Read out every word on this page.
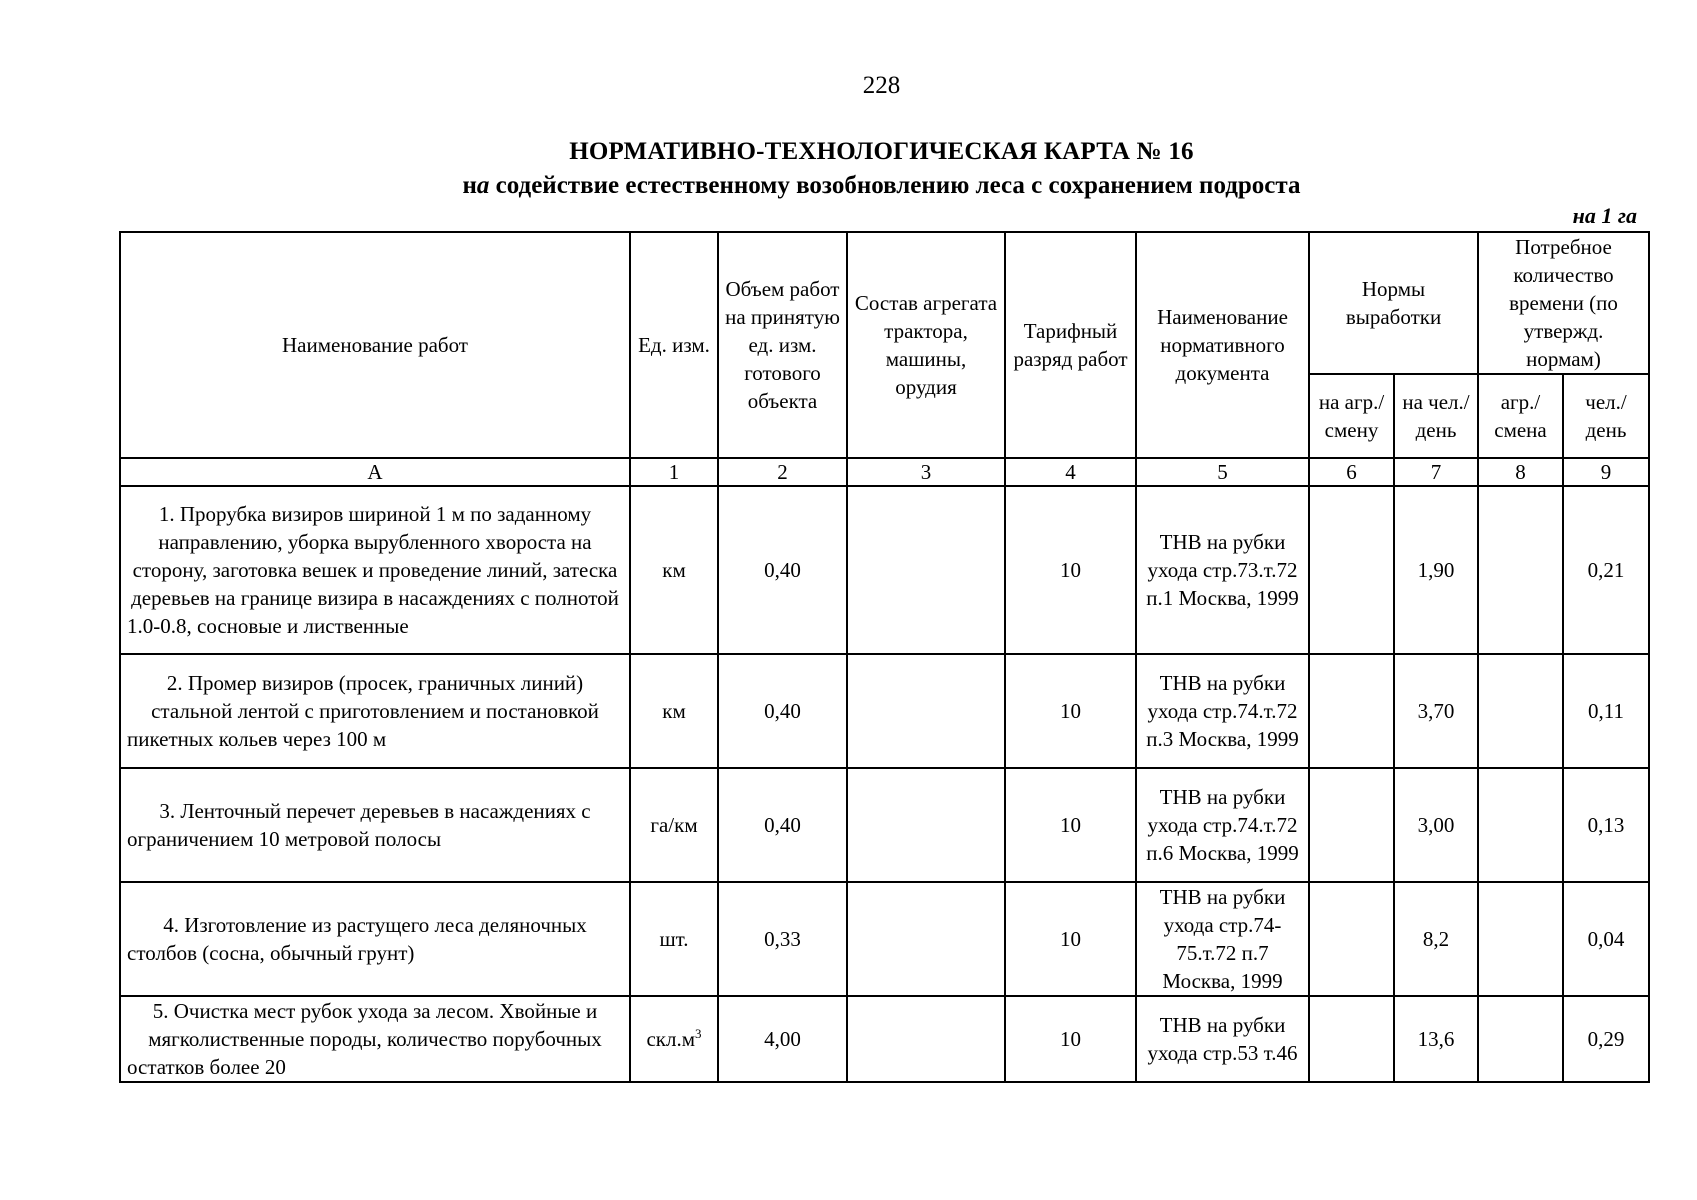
228
НОРМАТИВНО-ТЕХНОЛОГИЧЕСКАЯ КАРТА № 16
на содействие естественному возобновлению леса с сохранением подроста
на 1 га
Наименование работ	Ед. изм.	Объем работ на принятую ед. изм. готового объекта	Состав агрегата трактора, машины, орудия	Тарифный разряд работ	Наименование нормативного документа	Нормы выработки		Потребное количество времени (по утвержд. нормам)	
						на агр./ смену	на чел./ день	агр./ смена	чел./ день
А	1	2	3	4	5	6	7	8	9
1. Прорубка визиров шириной 1 м по заданному направлению, уборка вырубленного хвороста на сторону, заготовка вешек и проведение линий, затеска деревьев на границе визира в насаждениях с полнотой 1.0-0.8, сосновые и лиственные	км	0,40		10	ТНВ на рубки ухода стр.73.т.72 п.1 Москва, 1999		1,90		0,21
2. Промер визиров (просек, граничных линий) стальной лентой с приготовлением и постановкой пикетных кольев через 100 м	км	0,40		10	ТНВ на рубки ухода стр.74.т.72 п.3 Москва, 1999		3,70		0,11
3. Ленточный перечет деревьев в насаждениях с ограничением 10 метровой полосы	га/км	0,40		10	ТНВ на рубки ухода стр.74.т.72 п.6 Москва, 1999		3,00		0,13
4. Изготовление из растущего леса деляночных столбов (сосна, обычный грунт)	шт.	0,33		10	ТНВ на рубки ухода стр.74-75.т.72 п.7 Москва, 1999		8,2		0,04
5. Очистка мест рубок ухода за лесом. Хвойные и мягколиственные породы, количество порубочных остатков более 20	$скл.м^3$	4,00		10	ТНВ на рубки ухода стр.53 т.46		13,6		0,29
